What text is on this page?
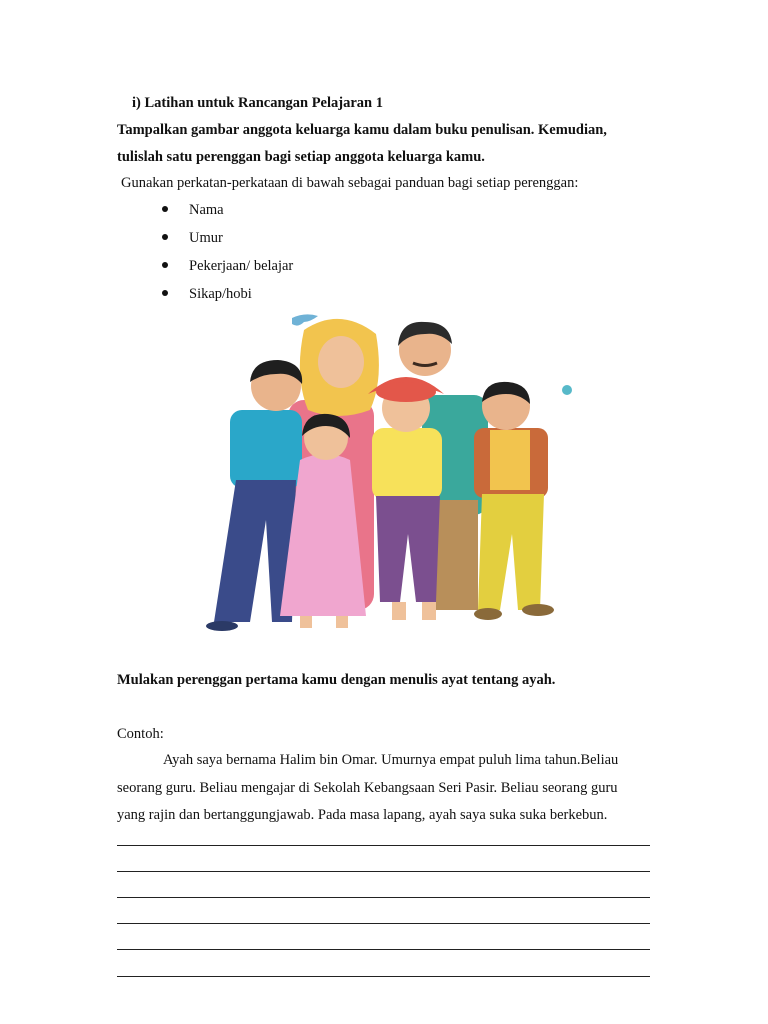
i) Latihan untuk Rancangan Pelajaran 1
Tampalkan gambar anggota keluarga kamu dalam buku penulisan. Kemudian,
tulislah satu perenggan bagi setiap anggota keluarga kamu.
Gunakan perkatan-perkataan di bawah sebagai panduan bagi setiap perenggan:
Nama
Umur
Pekerjaan/ belajar
Sikap/hobi
Mulakan perenggan pertama kamu dengan menulis ayat tentang ayah.
Contoh:
Ayah saya bernama Halim bin Omar. Umurnya empat puluh lima tahun.Beliau
seorang guru. Beliau mengajar di Sekolah Kebangsaan Seri Pasir. Beliau seorang guru
yang rajin dan bertanggungjawab. Pada masa lapang, ayah saya suka suka berkebun.
